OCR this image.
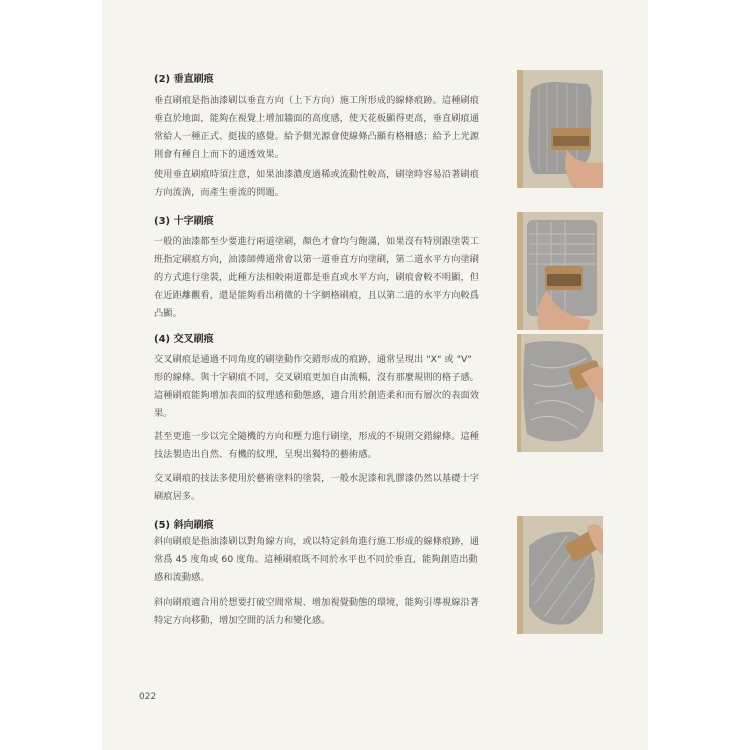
(2) 垂直刷痕
垂直刷痕是指油漆刷以垂直方向（上下方向）施工所形成的線條痕跡。這種刷痕垂直於地面，能夠在視覺上增加牆面的高度感，使天花板顯得更高，垂直刷痕通常給人一種正式、挺拔的感覺。給予側光源會使線條凸顯有格柵感；給予上光源則會有種自上而下的通透效果。
使用垂直刷痕時須注意，如果油漆濃度過稀或流動性較高，刷塗時容易沿著刷痕方向流淌，而產生垂流的問題。
(3) 十字刷痕
一般的油漆都至少要進行兩道塗刷，顏色才會均勻飽滿，如果沒有特別跟塗裝工班指定刷痕方向，油漆師傅通常會以第一道垂直方向塗刷，第二道水平方向塗刷的方式進行塗裝，此種方法相較兩道都是垂直或水平方向，刷痕會較不明顯，但在近距離觀看，還是能夠看出稍微的十字網格刷痕，且以第二道的水平方向較爲凸顯。
(4) 交叉刷痕
交叉刷痕是通過不同角度的刷塗動作交錯形成的痕跡，通常呈現出 "X" 或 "V" 形的線條。與十字刷痕不同，交叉刷痕更加自由流暢，沒有那麼規則的格子感。這種刷痕能夠增加表面的紋理感和動態感，適合用於創造柔和而有層次的表面效果。
甚至更進一步以完全隨機的方向和壓力進行刷塗，形成的不規則交錯線條。這種技法製造出自然、有機的紋理，呈現出獨特的藝術感。
交叉刷痕的技法多使用於藝術塗料的塗裝，一般水泥漆和乳膠漆仍然以基礎十字刷痕居多。
(5) 斜向刷痕
斜向刷痕是指油漆刷以對角線方向，或以特定斜角進行施工形成的線條痕跡，通常爲 45 度角或 60 度角。這種刷痕既不同於水平也不同於垂直，能夠創造出動感和流動感。
斜向刷痕適合用於想要打破空間常規、增加視覺動態的環境，能夠引導視線沿著特定方向移動，增加空間的活力和變化感。
022
